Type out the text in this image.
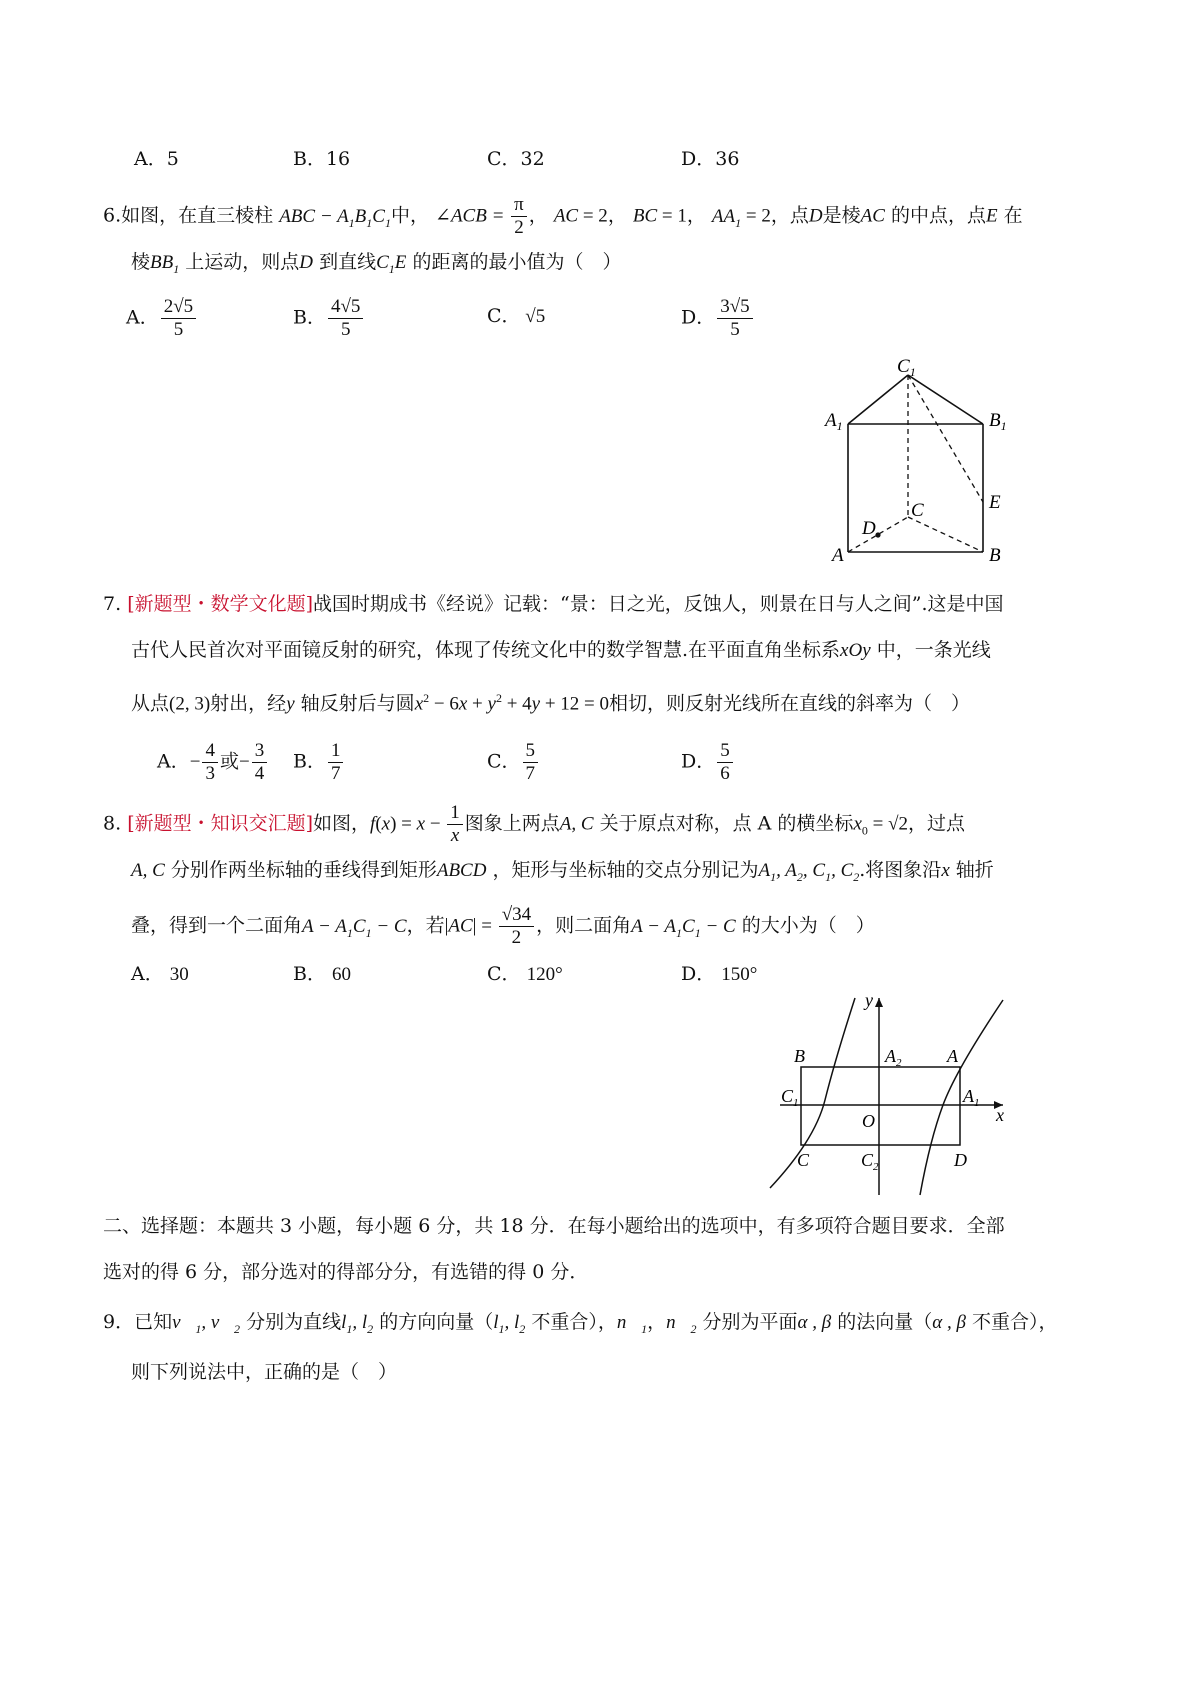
A．5	B．16	C．32	D．36
6.如图，在直三棱柱 ABC − $A_1B_1C_1$中， ∠ACB = $\frac{\pi}{2}$ ， AC = 2， BC = 1， $AA_1 = 2$，点D是棱AC 的中点，点E 在
棱$BB_1$ 上运动，则点D 到直线$C_1E$ 的距离的最小值为（　）
A． $\frac{2√5}{5}$	B． $\frac{4√5}{5}$	C． √5	D． $\frac{3√5}{5}$
$C_1$
$A_1$	$B_1$
E
C
D
A	B
7. [新题型・数学文化题]战国时期成书《经说》记载：“景：日之光，反蚀人，则景在日与人之间”.这是中国
古代人民首次对平面镜反射的研究，体现了传统文化中的数学智慧.在平面直角坐标系xOy 中，一条光线
从点(2, 3)射出，经y 轴反射后与圆$x^2 - 6x + y^2 + 4y + 12 = 0$相切，则反射光线所在直线的斜率为（　）
A．− $\frac{4}{3}$ 或− $\frac{3}{4}$ B． $\frac{1}{7}$	C． $\frac{5}{7}$	D． $\frac{5}{6}$
8. [新题型・知识交汇题]如图，$f(x) = x - \frac{1}{x}$ 图象上两点A, C 关于原点对称，点 A 的横坐标$x_0 = √2$，过点
A, C 分别作两坐标轴的垂线得到矩形ABCD ，矩形与坐标轴的交点分别记为$A_1$, $A_2$, $C_1$, $C_2$.将图象沿x 轴折
叠，得到一个二面角$A - A_1C_1 - C$，若$|AC| = \frac{√34}{2}$ ，则二面角$A - A_1C_1 - C$ 的大小为（　）
A． 30	B． 60	C． 120°	D． 150°
y
x
B	$A_2$	A
$C_1$	$A_1$
O
C	$C_2$	D
二、选择题：本题共 3 小题，每小题 6 分，共 18 分．在每小题给出的选项中，有多项符合题目要求．全部
选对的得 6 分，部分选对的得部分分，有选错的得 0 分．
9．已知$v⃗_1$, $v⃗_2$ 分别为直线$l_1$, $l_2$ 的方向向量（$l_1$, $l_2$ 不重合），$n⃗_1$，$n⃗_2$ 分别为平面α , β 的法向量（α , β 不重合），
则下列说法中，正确的是（　）
